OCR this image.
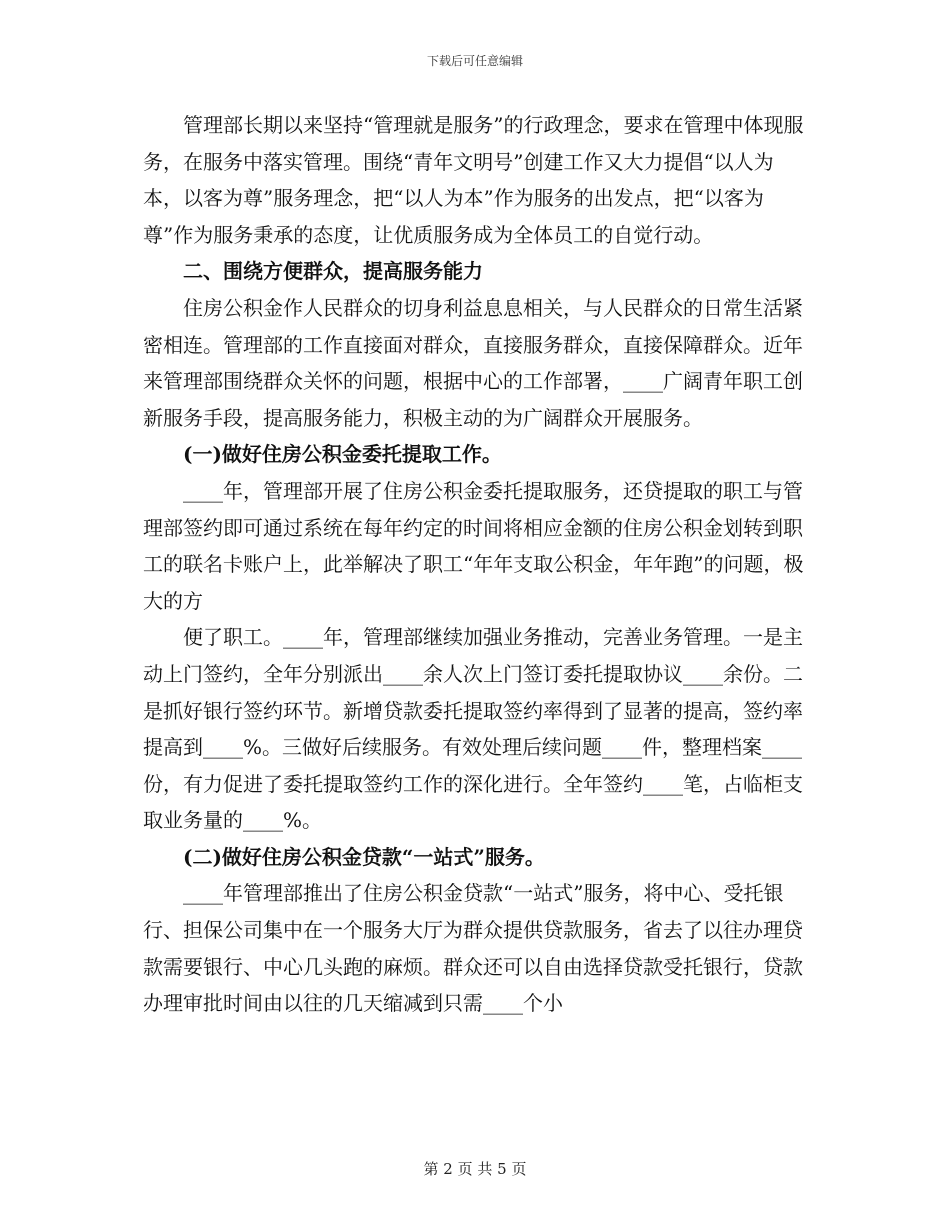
下载后可任意编辑

管理部长期以来坚持“管理就是服务”的行政理念，要求在管理中体现服务，在服务中落实管理。围绕“青年文明号”创建工作又大力提倡“以人为本，以客为尊”服务理念，把“以人为本”作为服务的出发点，把“以客为尊”作为服务秉承的态度，让优质服务成为全体员工的自觉行动。

二、围绕方便群众，提高服务能力

住房公积金作人民群众的切身利益息息相关，与人民群众的日常生活紧密相连。管理部的工作直接面对群众，直接服务群众，直接保障群众。近年来管理部围绕群众关怀的问题，根据中心的工作部署，____广阔青年职工创新服务手段，提高服务能力，积极主动的为广阔群众开展服务。

(一)做好住房公积金委托提取工作。

____年，管理部开展了住房公积金委托提取服务，还贷提取的职工与管理部签约即可通过系统在每年约定的时间将相应金额的住房公积金划转到职工的联名卡账户上，此举解决了职工“年年支取公积金，年年跑”的问题，极大的方

便了职工。____年，管理部继续加强业务推动，完善业务管理。一是主动上门签约，全年分别派出____余人次上门签订委托提取协议____余份。二是抓好银行签约环节。新增贷款委托提取签约率得到了显著的提高，签约率提高到____%。三做好后续服务。有效处理后续问题____件，整理档案____份，有力促进了委托提取签约工作的深化进行。全年签约____笔，占临柜支取业务量的____%。

(二)做好住房公积金贷款“一站式”服务。

____年管理部推出了住房公积金贷款“一站式”服务，将中心、受托银行、担保公司集中在一个服务大厅为群众提供贷款服务，省去了以往办理贷款需要银行、中心几头跑的麻烦。群众还可以自由选择贷款受托银行，贷款办理审批时间由以往的几天缩减到只需____个小

第 2 页 共 5 页
